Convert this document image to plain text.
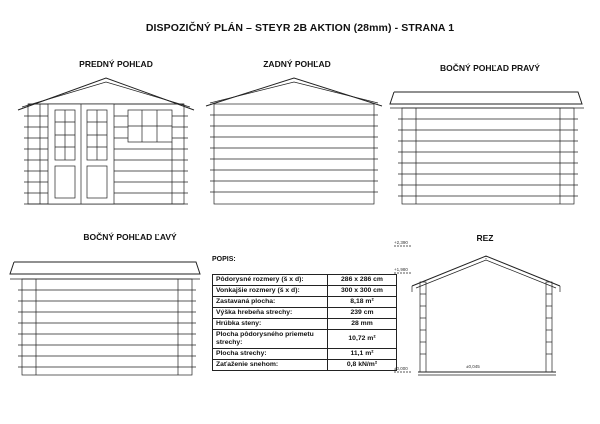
DISPOZIČNÝ PLÁN – STEYR 2B AKTION (28mm) - STRANA 1
PREDNÝ POHĽAD	ZADNÝ POHĽAD	BOČNÝ POHĽAD PRAVÝ
BOČNÝ POHĽAD ĽAVÝ	REZ
+2,390
+1,980
±0,000	±0,045
POPIS:
Pôdorysné rozmery (š x d):	286 x 286 cm
Vonkajšie rozmery (š x d):	300 x 300 cm
Zastavaná plocha:	8,18 m²
Výška hrebeňa strechy:	239 cm
Hrúbka steny:	28 mm
Plocha pôdorysného priemetu strechy:	10,72 m²
Plocha strechy:	11,1 m²
Zaťaženie snehom:	0,8 kN/m²
